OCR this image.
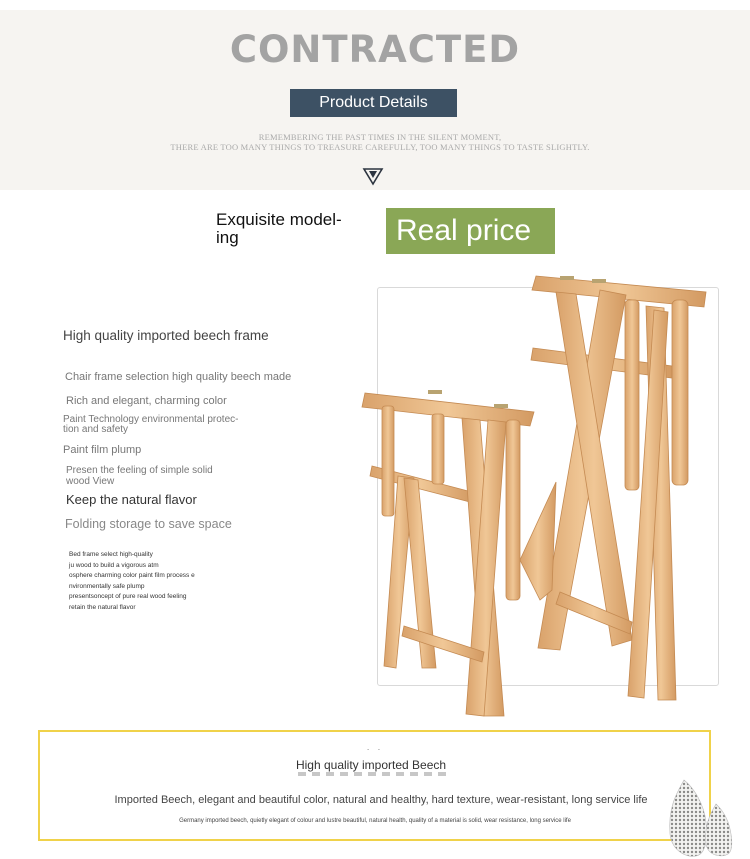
CONTRACTED
Product Details
REMEMBERING THE PAST TIMES IN THE SILENT MOMENT,
THERE ARE TOO MANY THINGS TO TREASURE CAREFULLY, TOO MANY THINGS TO TASTE SLIGHTLY.
Exquisite model-
ing	Real price
High quality imported beech frame
Chair frame selection high quality beech made
Rich and elegant, charming color
Paint Technology environmental protec-
tion and safety
Paint film plump
Presen the feeling of simple solid
wood View
Keep the natural flavor
Folding storage to save space
Bed frame select high-quality
ju wood to build a vigorous atm
osphere charming color paint film process e
nvironmentally safe plump
presentsoncept of pure real wood feeling
retain the natural flavor
· ·
High quality imported Beech
Imported Beech, elegant and beautiful color, natural and healthy, hard texture, wear-resistant, long service life
Germany imported beech, quietly elegant of colour and lustre beautiful, natural health, quality of a material is solid, wear resistance, long service life
